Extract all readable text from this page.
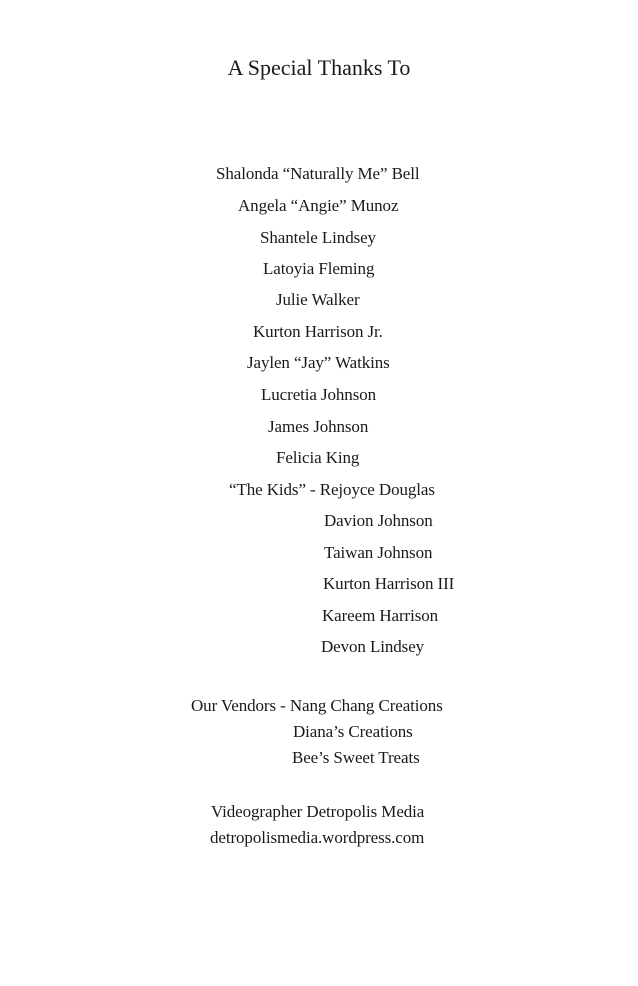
A Special Thanks To
Shalonda “Naturally Me” Bell
Angela “Angie” Munoz
Shantele Lindsey
Latoyia Fleming
Julie Walker
Kurton Harrison Jr.
Jaylen “Jay” Watkins
Lucretia Johnson
James Johnson
Felicia King
“The Kids” - Rejoyce Douglas
Davion Johnson
Taiwan Johnson
Kurton Harrison III
Kareem Harrison
Devon Lindsey
Our Vendors - Nang Chang Creations
Diana’s Creations
Bee’s Sweet Treats
Videographer Detropolis Media
detropolismedia.wordpress.com
